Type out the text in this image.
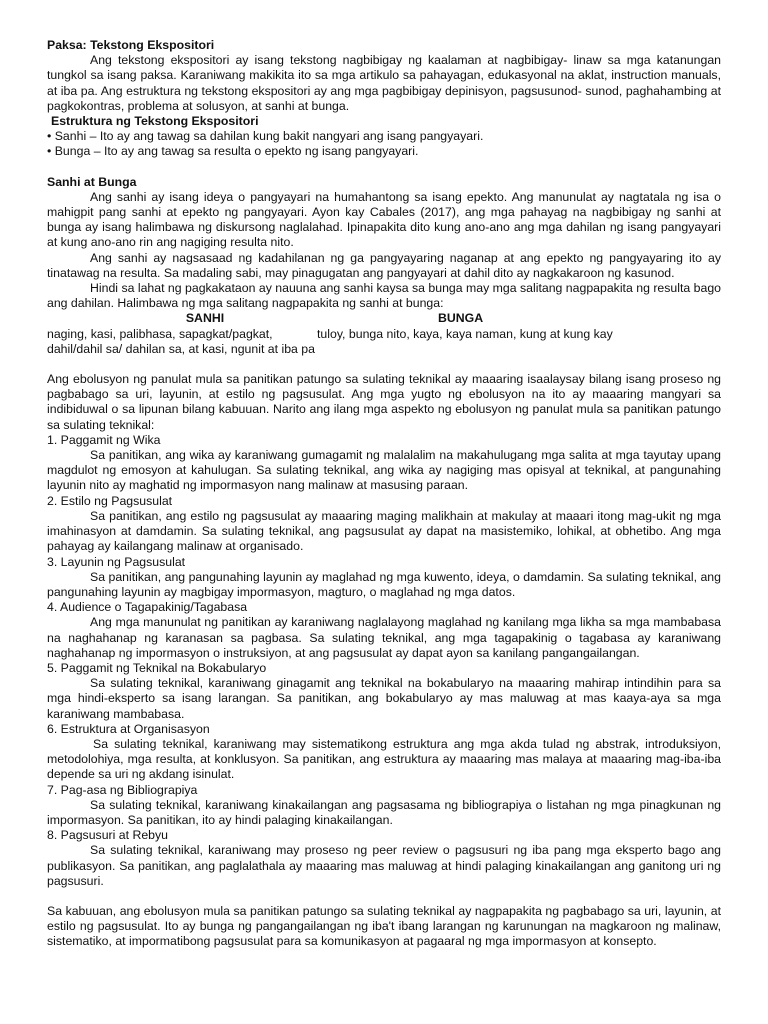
Paksa: Tekstong Ekspositori

Ang tekstong ekspositori ay isang tekstong nagbibigay ng kaalaman at nagbibigay- linaw sa mga katanungan tungkol sa isang paksa. Karaniwang makikita ito sa mga artikulo sa pahayagan, edukasyonal na aklat, instruction manuals, at iba pa. Ang estruktura ng tekstong ekspositori ay ang mga pagbibigay depinisyon, pagsusunod- sunod, paghahambing at pagkokontras, problema at solusyon, at sanhi at bunga.

Estruktura ng Tekstong Ekspositori

• Sanhi – Ito ay ang tawag sa dahilan kung bakit nangyari ang isang pangyayari.

• Bunga – Ito ay ang tawag sa resulta o epekto ng isang pangyayari.

Sanhi at Bunga

Ang sanhi ay isang ideya o pangyayari na humahantong sa isang epekto. Ang manunulat ay nagtatala ng isa o mahigpit pang sanhi at epekto ng pangyayari. Ayon kay Cabales (2017), ang mga pahayag na nagbibigay ng sanhi at bunga ay isang halimbawa ng diskursong naglalahad. Ipinapakita dito kung ano-ano ang mga dahilan ng isang pangyayari at kung ano-ano rin ang nagiging resulta nito.

Ang sanhi ay nagsasaad ng kadahilanan ng ga pangyayaring naganap at ang epekto ng pangyayaring ito ay tinatawag na resulta. Sa madaling sabi, may pinagugatan ang pangyayari at dahil dito ay nagkakaroon ng kasunod.

Hindi sa lahat ng pagkakataon ay nauuna ang sanhi kaysa sa bunga may mga salitang nagpapakita ng resulta bago ang dahilan. Halimbawa ng mga salitang nagpapakita ng sanhi at bunga:

SANHI
naging, kasi, palibhasa, sapagkat/pagkat, dahil/dahil sa/ dahilan sa, at kasi, ngunit at iba pa
BUNGA
tuloy, bunga nito, kaya, kaya naman, kung at kung kay

Ang ebolusyon ng panulat mula sa panitikan patungo sa sulating teknikal ay maaaring isaalaysay bilang isang proseso ng pagbabago sa uri, layunin, at estilo ng pagsusulat. Ang mga yugto ng ebolusyon na ito ay maaaring mangyari sa indibiduwal o sa lipunan bilang kabuuan. Narito ang ilang mga aspekto ng ebolusyon ng panulat mula sa panitikan patungo sa sulating teknikal:

1. Paggamit ng Wika

Sa panitikan, ang wika ay karaniwang gumagamit ng malalalim na makahulugang mga salita at mga tayutay upang magdulot ng emosyon at kahulugan. Sa sulating teknikal, ang wika ay nagiging mas opisyal at teknikal, at pangunahing layunin nito ay maghatid ng impormasyon nang malinaw at masusing paraan.

2. Estilo ng Pagsusulat

Sa panitikan, ang estilo ng pagsusulat ay maaaring maging malikhain at makulay at maaari itong mag-ukit ng mga imahinasyon at damdamin. Sa sulating teknikal, ang pagsusulat ay dapat na masistemiko, lohikal, at obhetibo. Ang mga pahayag ay kailangang malinaw at organisado.

3. Layunin ng Pagsusulat

Sa panitikan, ang pangunahing layunin ay maglahad ng mga kuwento, ideya, o damdamin. Sa sulating teknikal, ang pangunahing layunin ay magbigay impormasyon, magturo, o maglahad ng mga datos.

4. Audience o Tagapakinig/Tagabasa

Ang mga manunulat ng panitikan ay karaniwang naglalayong maglahad ng kanilang mga likha sa mga mambabasa na naghahanap ng karanasan sa pagbasa. Sa sulating teknikal, ang mga tagapakinig o tagabasa ay karaniwang naghahanap ng impormasyon o instruksiyon, at ang pagsusulat ay dapat ayon sa kanilang pangangailangan.

5. Paggamit ng Teknikal na Bokabularyo

Sa sulating teknikal, karaniwang ginagamit ang teknikal na bokabularyo na maaaring mahirap intindihin para sa mga hindi-eksperto sa isang larangan. Sa panitikan, ang bokabularyo ay mas maluwag at mas kaaya-aya sa mga karaniwang mambabasa.

6. Estruktura at Organisasyon

Sa sulating teknikal, karaniwang may sistematikong estruktura ang mga akda tulad ng abstrak, introduksiyon, metodolohiya, mga resulta, at konklusyon. Sa panitikan, ang estruktura ay maaaring mas malaya at maaaring mag-iba-iba depende sa uri ng akdang isinulat.

7. Pag-asa ng Bibliograpiya

Sa sulating teknikal, karaniwang kinakailangan ang pagsasama ng bibliograpiya o listahan ng mga pinagkunan ng impormasyon. Sa panitikan, ito ay hindi palaging kinakailangan.

8. Pagsusuri at Rebyu

Sa sulating teknikal, karaniwang may proseso ng peer review o pagsusuri ng iba pang mga eksperto bago ang publikasyon. Sa panitikan, ang paglalathala ay maaaring mas maluwag at hindi palaging kinakailangan ang ganitong uri ng pagsusuri.

Sa kabuuan, ang ebolusyon mula sa panitikan patungo sa sulating teknikal ay nagpapakita ng pagbabago sa uri, layunin, at estilo ng pagsusulat. Ito ay bunga ng pangangailangan ng iba't ibang larangan ng karunungan na magkaroon ng malinaw, sistematiko, at impormatibong pagsusulat para sa komunikasyon at pagaaral ng mga impormasyon at konsepto.
